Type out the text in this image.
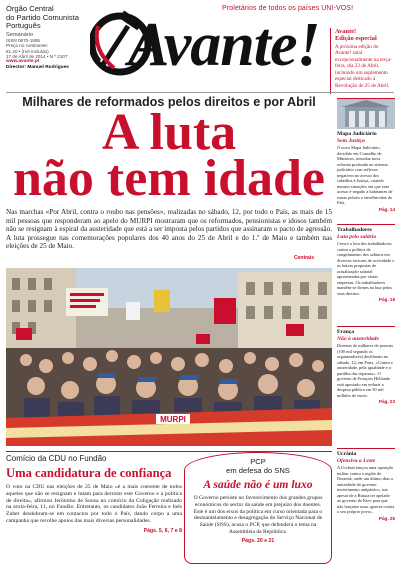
Órgão Central
do Partido Comunista
Português
Semanário
ISSN 0870-1865
Preço no continente:
€1,20 • (IVA incluído)
17 de Abril de 2014 • N.º 2107
www.avante.pt
Director: Manuel Rodrigues
Proletários de todos os países UNI-VOS!
Avante! Avante!
Edição especial
A próxima edição do Avante! sairá excepcionalmente na terça-feira, dia 22 de Abril, incluindo um suplemento especial dedicado à Revolução de 25 de Abril.
Milhares de reformados pelos direitos e por Abril
A luta
não tem idade
Nas marchas «Por Abril, contra o roubo nas pensões», realizadas no sábado, 12, por todo o País, as mais de 15 mil pessoas que responderam ao apelo do MURPI mostraram que os reformados, pensionistas e idosos também não se resignam à espiral da austeridade que está a ser imposta pelos partidos que assinaram o pacto de agressão. A luta prossegue nas comemorações populares dos 40 anos do 25 de Abril e do 1.º de Maio e também nas eleições de 25 de Maio.
Centrais
MURPI
Mapa Judiciário
Sem Justiça
O novo Mapa Judiciário, decidido em Conselho de Ministros, introduz nova reforma profunda no sistema judiciário com reflexos negativos no acesso dos cidadãos à Justiça, criando mesmo situações em que esse acesso é negado a habitantes de zonas pobres e envelhecidas do País.
Pág. 14
Trabalhadores
Luta pelo salário
Cresce a luta dos trabalhadores contra a política de congelamento dos salários em diversos sectores de actividade e as baixas propostas de actualização salarial apresentadas por várias empresas. Os trabalhadores mantêm-se firmes na luta pelos seus direitos.
Pág. 15
França
Não à austeridade
Dezenas de milhares de pessoas (100 mil segundo os organizadores) desfilaram no sábado, 12, em Paris, «Contra a austeridade, pela igualdade e a partilha das riquezas». O governo de François Hollande está apostado em reduzir a despesa pública em 50 mil milhões de euros.
Pág. 23
Ucrânia
Ofensiva a Leste
A Ucrânia lançou uma operação militar contra a região de Donetsk, onde um último dias a autoridade do governo investimento antipátrico, isto apesar de a Rússia ter apelado ao governo de Kiev para que não lançasse uma «guerra contra o seu próprio povo».
Pág. 25
Comício da CDU no Fundão
Uma candidatura de confiança
O voto na CDU nas eleições de 25 de Maio «é a mais coerente de todos aqueles que não se resignam e lutam para derrotar este Governo e a política de direita», afirmou Jerónimo de Sousa no comício da Coligação realizado na sexta-feira, 11, no Fundão. Entretanto, os candidatos João Ferreira e Inês Zuber desdobram-se em contactos por todo o País, dando corpo a uma campanha que recolhe apoios das mais diversas personalidades.
Págs. 5, 6, 7 e 8
PCP
em defesa do SNS
A saúde não é um luxo
O Governo persiste no favorecimento dos grandes grupos económicos do sector da saúde em prejuízo dos doentes. Este é um dos eixos da política em curso orientada para o desmantelamento e desagregação do Serviço Nacional de Saúde (SNS), acusa o PCP, que defenderá o tema na Assembleia da República.
Págs. 20 e 21
